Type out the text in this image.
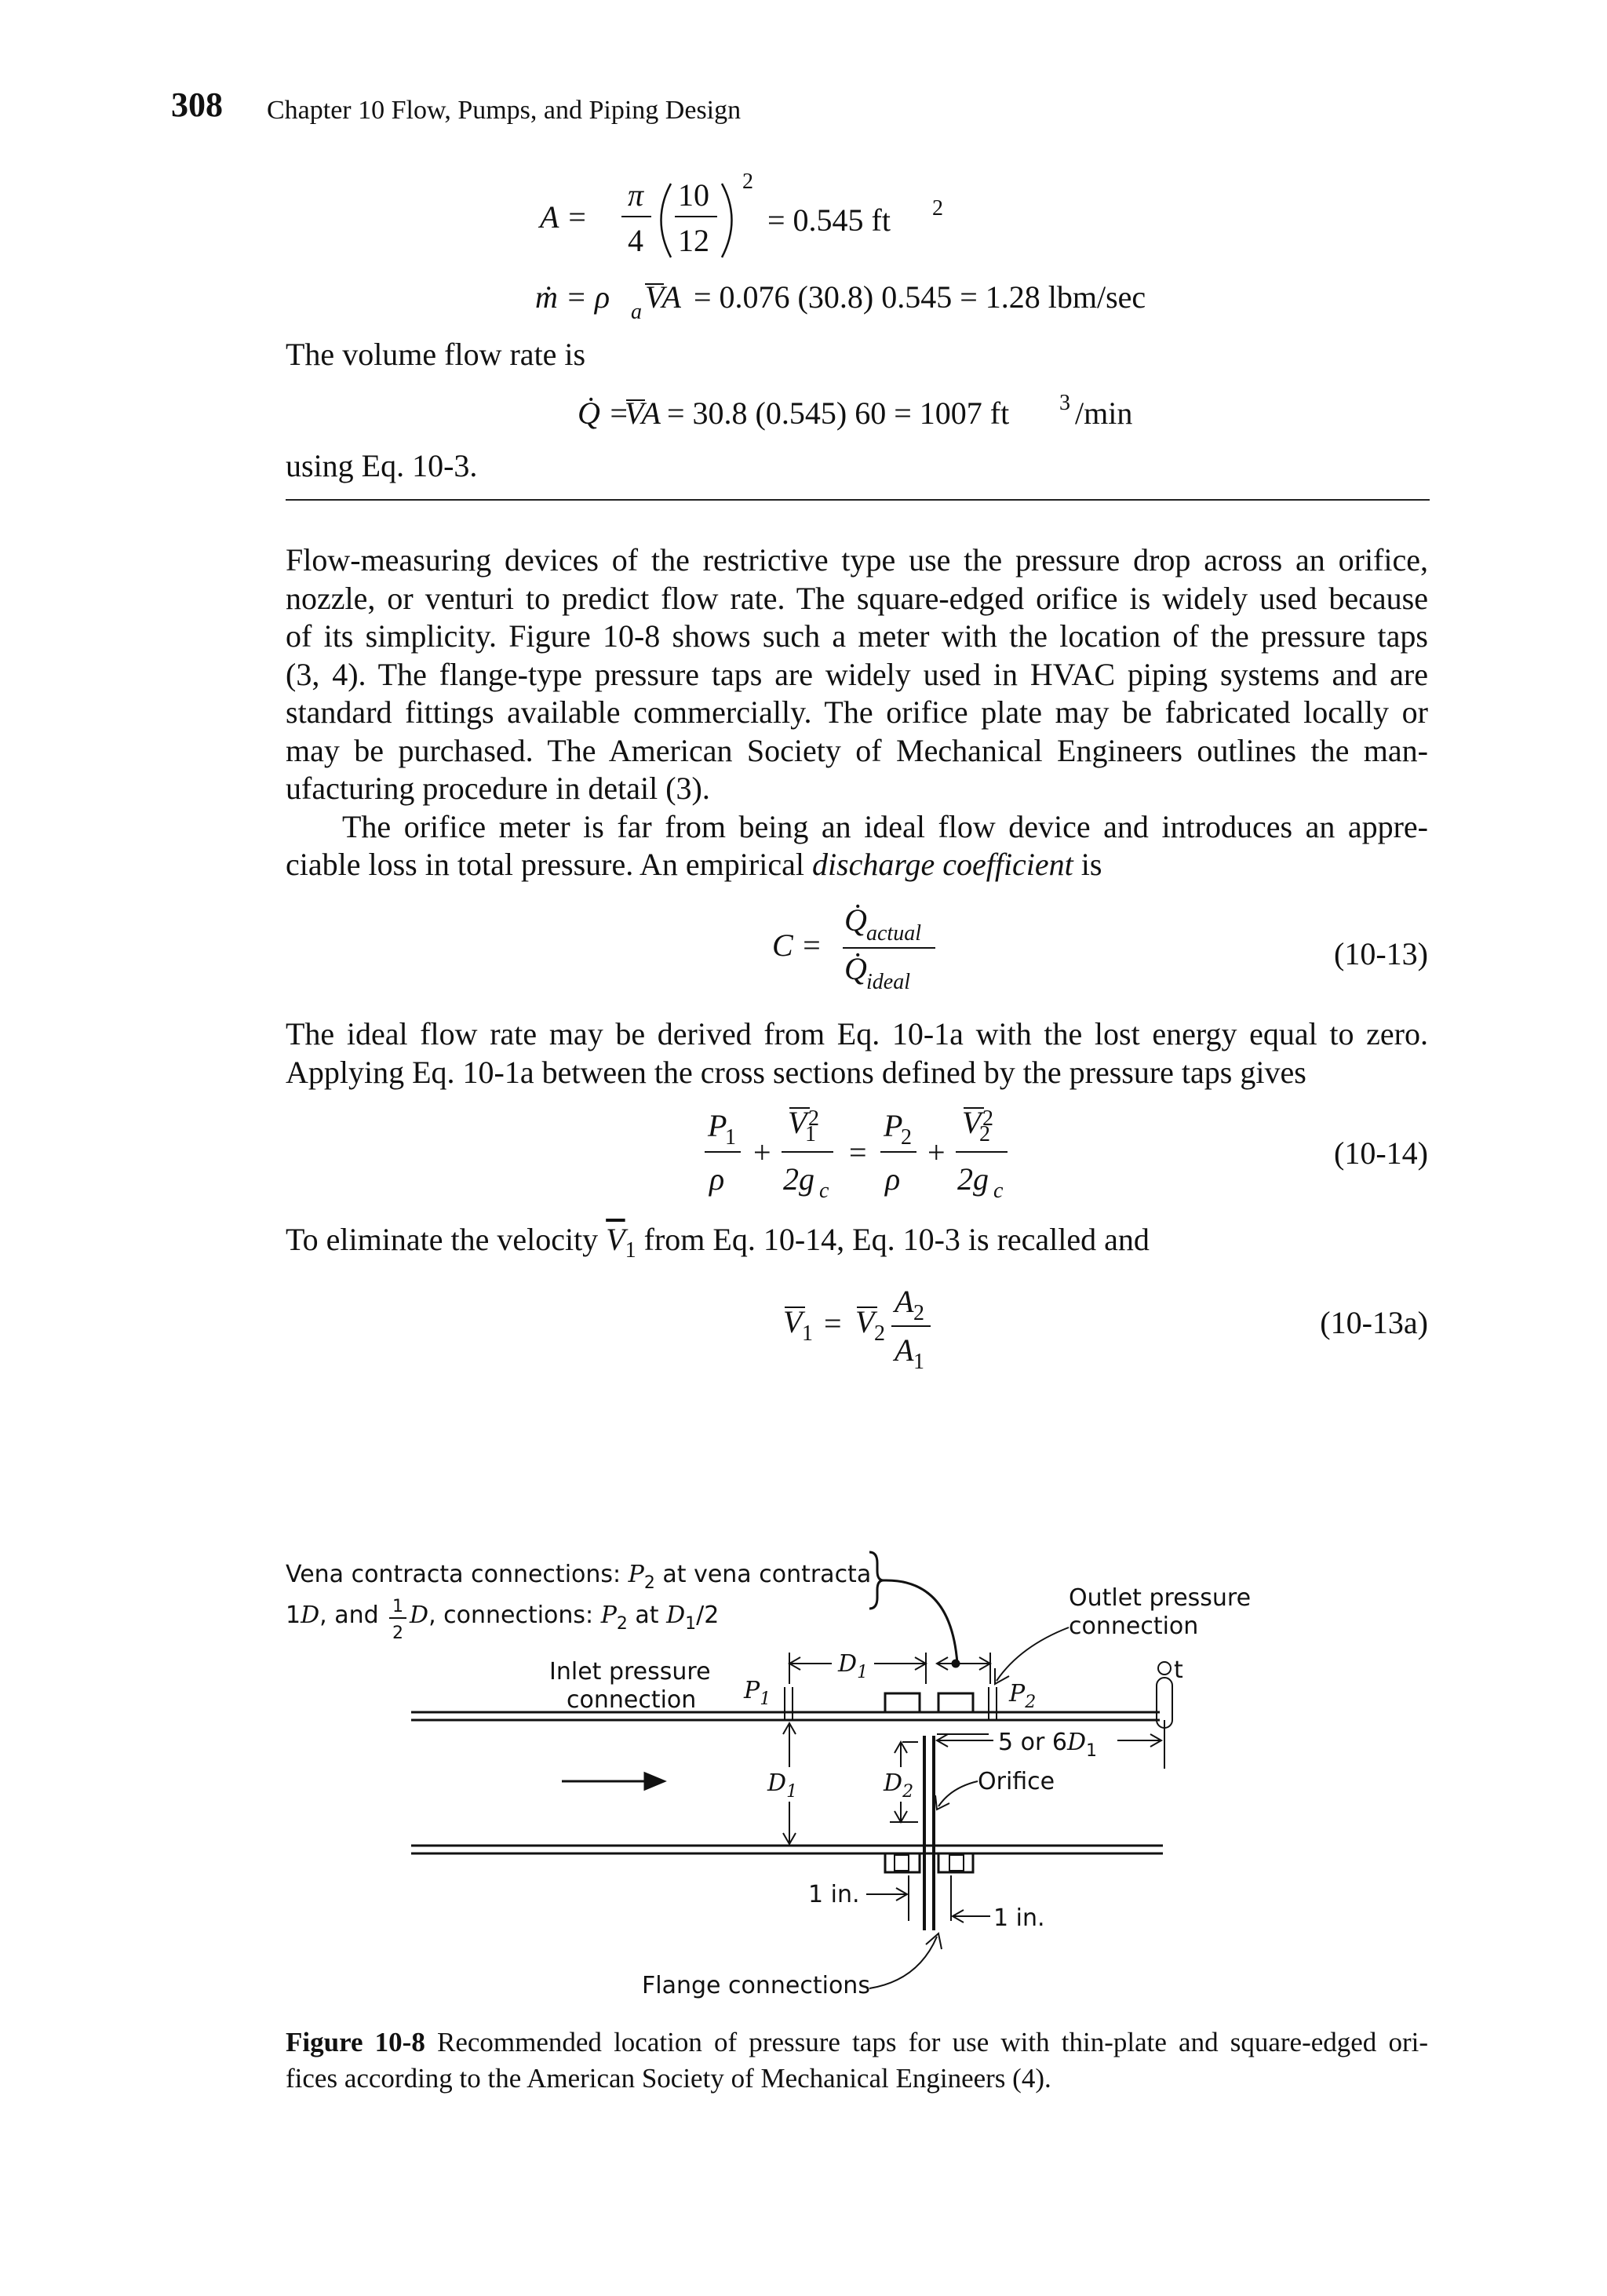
308 Chapter 10 Flow, Pumps, and Piping Design
A =
π
4
10
12
2
= 0.545 ft 2
ṁ = ρ a VA = 0.076 (30.8) 0.545 = 1.28 lbm/sec
The volume flow rate is
Q̇ =
VA = 30.8 (0.545) 60 = 1007 ft 3 /min
using Eq. 10-3.
Flow-measuring devices of the restrictive type use the pressure drop across an orifice,
nozzle, or venturi to predict flow rate. The square-edged orifice is widely used because
of its simplicity. Figure 10-8 shows such a meter with the location of the pressure taps
(3, 4). The flange-type pressure taps are widely used in HVAC piping systems and are
standard fittings available commercially. The orifice plate may be fabricated locally or
may be purchased. The American Society of Mechanical Engineers outlines the man-
ufacturing procedure in detail (3).
The orifice meter is far from being an ideal flow device and introduces an appre-
ciable loss in total pressure. An empirical discharge coefficient is
C =
Q̇ actual
Q̇ ideal
(10-13)
The ideal flow rate may be derived from Eq. 10-1a with the lost energy equal to zero.
Applying Eq. 10-1a between the cross sections defined by the pressure taps gives
P
1
ρ
+
V 2
1
2g c
=
P
2
ρ
+
V 2
2
2g c
(10-14)
To eliminate the velocity $\overline{V}_1$ from Eq. 10-14, Eq. 10-3 is recalled and
V 1 = V 2
A 2
A 1
(10-13a)
Vena contracta connections: $P_2$ at vena contracta
1D, and 1
2
D, connections: $P_2$ at $D_1/2$
Outlet pressure
connection
Inlet pressure
connection $P_1$	$P_2$
$D_1$	t
5 or $6D_1$
$D_1$	$D_2$	Orifice
1 in.
1 in.
Flange connections
Figure 10-8 Recommended location of pressure taps for use with thin-plate and square-edged ori-
fices according to the American Society of Mechanical Engineers (4).
